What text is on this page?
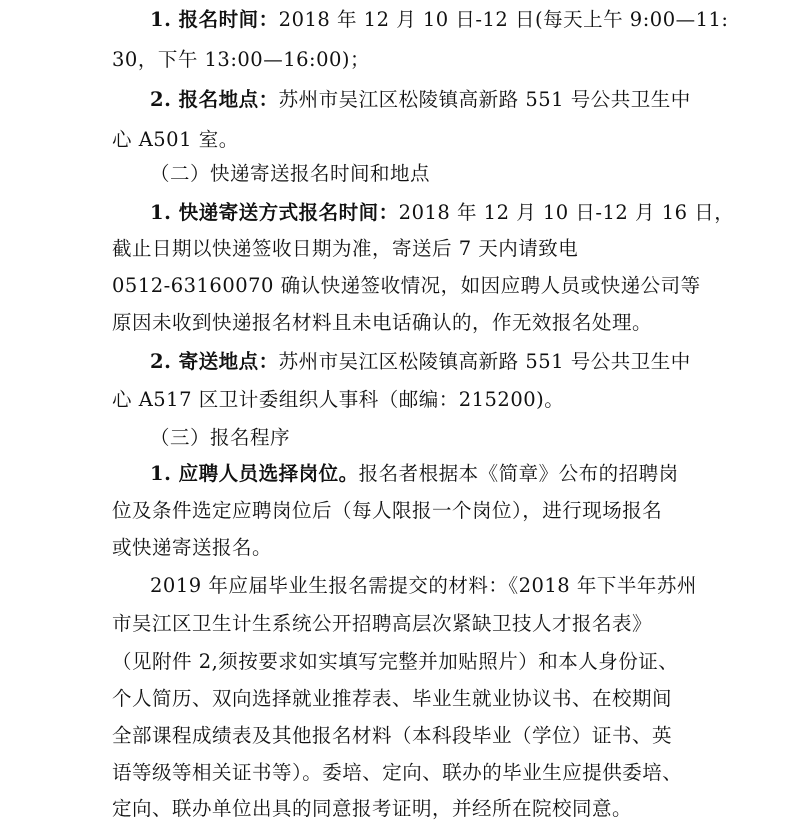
1. 报名时间：2018 年 12 月 10 日-12 日(每天上午 9:00—11:
30，下午 13:00—16:00)；
2. 报名地点：苏州市吴江区松陵镇高新路 551 号公共卫生中
心 A501 室。
（二）快递寄送报名时间和地点
1. 快递寄送方式报名时间：2018 年 12 月 10 日-12 月 16 日，
截止日期以快递签收日期为准，寄送后 7 天内请致电
0512-63160070 确认快递签收情况，如因应聘人员或快递公司等
原因未收到快递报名材料且未电话确认的，作无效报名处理。
2. 寄送地点：苏州市吴江区松陵镇高新路 551 号公共卫生中
心 A517 区卫计委组织人事科（邮编：215200)。
（三）报名程序
1. 应聘人员选择岗位。报名者根据本《简章》公布的招聘岗
位及条件选定应聘岗位后（每人限报一个岗位），进行现场报名
或快递寄送报名。
2019 年应届毕业生报名需提交的材料：《2018 年下半年苏州
市吴江区卫生计生系统公开招聘高层次紧缺卫技人才报名表》
（见附件 2,须按要求如实填写完整并加贴照片）和本人身份证、
个人简历、双向选择就业推荐表、毕业生就业协议书、在校期间
全部课程成绩表及其他报名材料（本科段毕业（学位）证书、英
语等级等相关证书等）。委培、定向、联办的毕业生应提供委培、
定向、联办单位出具的同意报考证明，并经所在院校同意。
